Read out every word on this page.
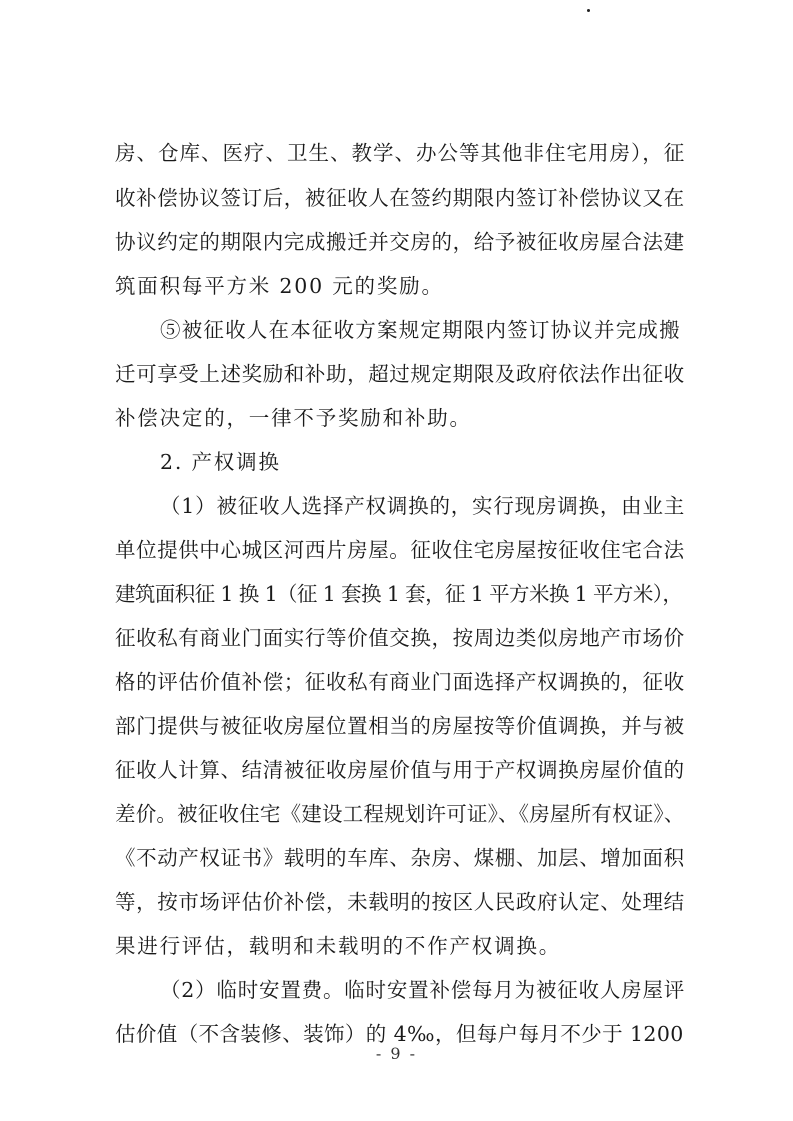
房、仓库、医疗、卫生、教学、办公等其他非住宅用房），征
收补偿协议签订后，被征收人在签约期限内签订补偿协议又在
协议约定的期限内完成搬迁并交房的，给予被征收房屋合法建
筑面积每平方米 200 元的奖励。
⑤被征收人在本征收方案规定期限内签订协议并完成搬
迁可享受上述奖励和补助，超过规定期限及政府依法作出征收
补偿决定的，一律不予奖励和补助。
2. 产权调换
（1）被征收人选择产权调换的，实行现房调换，由业主
单位提供中心城区河西片房屋。征收住宅房屋按征收住宅合法
建筑面积征 1 换 1（征 1 套换 1 套，征 1 平方米换 1 平方米），
征收私有商业门面实行等价值交换，按周边类似房地产市场价
格的评估价值补偿；征收私有商业门面选择产权调换的，征收
部门提供与被征收房屋位置相当的房屋按等价值调换，并与被
征收人计算、结清被征收房屋价值与用于产权调换房屋价值的
差价。被征收住宅《建设工程规划许可证》、《房屋所有权证》、
《不动产权证书》载明的车库、杂房、煤棚、加层、增加面积
等，按市场评估价补偿，未载明的按区人民政府认定、处理结
果进行评估，载明和未载明的不作产权调换。
（2）临时安置费。临时安置补偿每月为被征收人房屋评
估价值（不含装修、装饰）的 4‰，但每户每月不少于 1200
- 9 -
